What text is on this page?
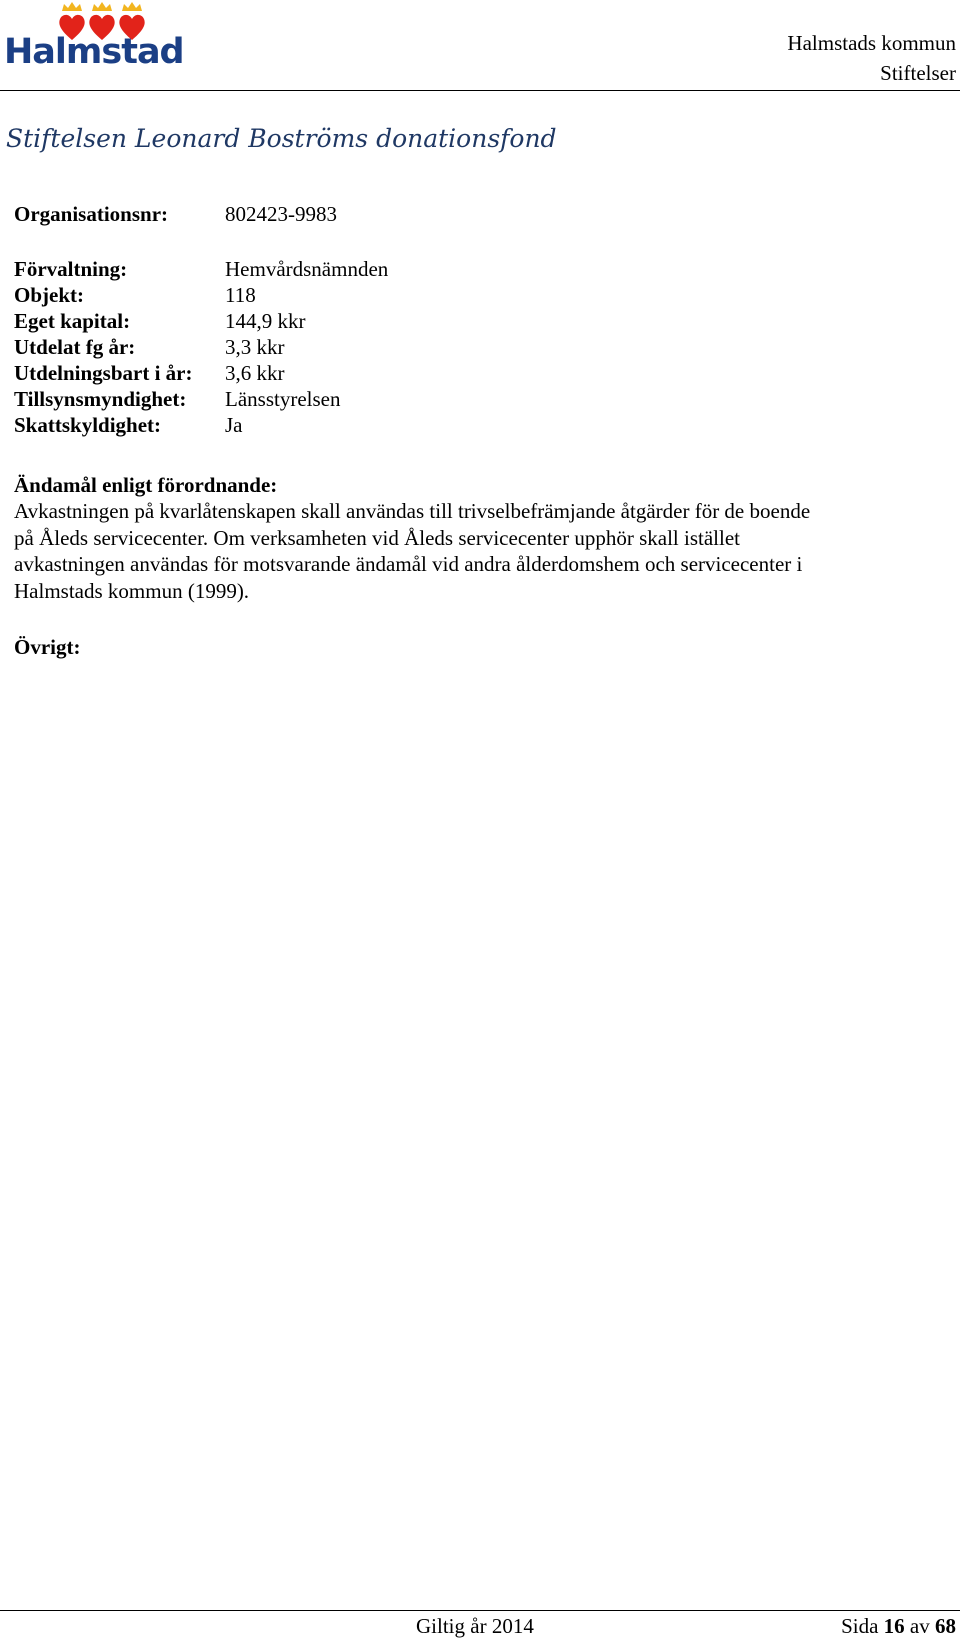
Halmstad	Halmstads kommun
Stiftelser
Stiftelsen Leonard Boströms donationsfond
Organisationsnr:	802423-9983
Förvaltning:	Hemvårdsnämnden
Objekt:	118
Eget kapital:	144,9 kkr
Utdelat fg år:	3,3 kkr
Utdelningsbart i år: 3,6 kkr
Tillsynsmyndighet: Länsstyrelsen
Skattskyldighet:	Ja
Ändamål enligt förordnande:

Avkastningen på kvarlåtenskapen skall användas till trivselbefrämjande åtgärder för de boende på Åleds servicecenter. Om verksamheten vid Åleds servicecenter upphör skall istället avkastningen användas för motsvarande ändamål vid andra ålderdomshem och servicecenter i Halmstads kommun (1999).

Övrigt:
Giltig år 2014	Sida 16 av 68
